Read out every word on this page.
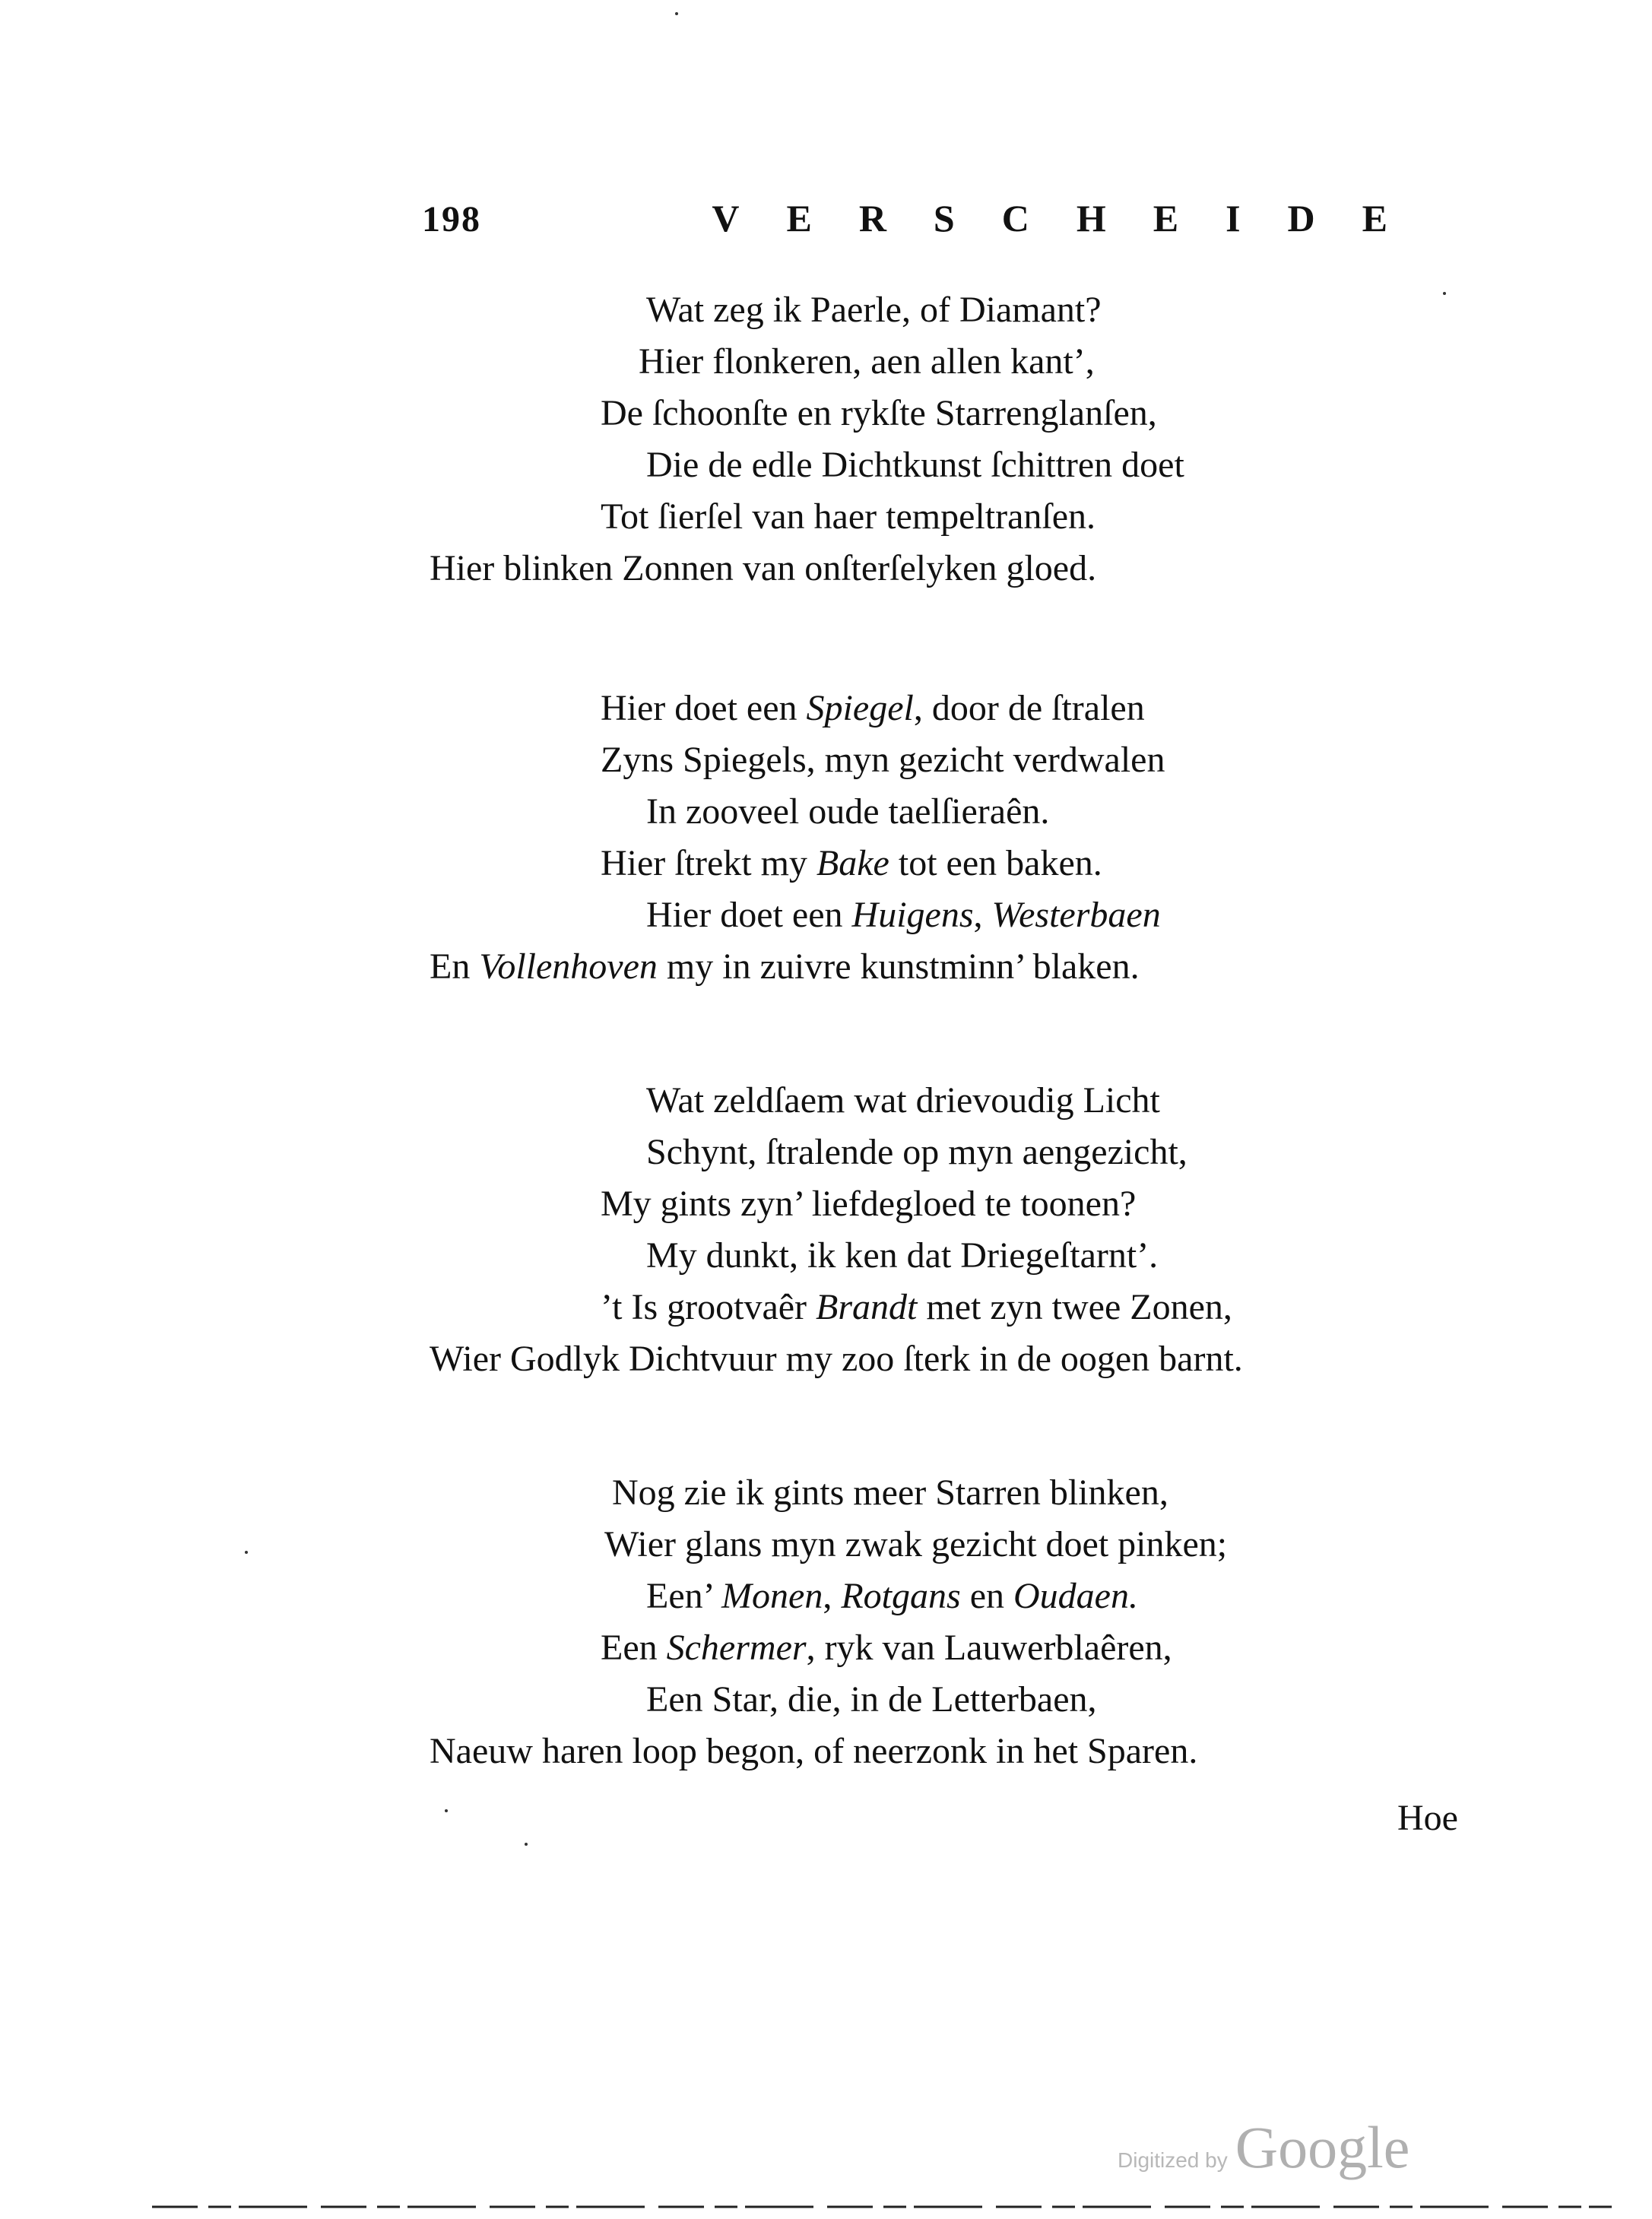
198	VERSCHEIDE
Wat zeg ik Paerle, of Diamant?
Hier flonkeren, aen allen kant’,
De ſchoonſte en rykſte Starrenglanſen,
Die de edle Dichtkunst ſchittren doet
Tot ſierſel van haer tempeltranſen.
Hier blinken Zonnen van onſterſelyken gloed.
Hier doet een Spiegel, door de ſtralen
Zyns Spiegels, myn gezicht verdwalen
In zooveel oude taelſieraên.
Hier ſtrekt my Bake tot een baken.
Hier doet een Huigens, Westerbaen
En Vollenhoven my in zuivre kunstminn’ blaken.
Wat zeldſaem wat drievoudig Licht
Schynt, ſtralende op myn aengezicht,
My gints zyn’ liefdegloed te toonen?
My dunkt, ik ken dat Driegeſtarnt’.
’t Is grootvaêr Brandt met zyn twee Zonen,
Wier Godlyk Dichtvuur my zoo ſterk in de oogen barnt.
Nog zie ik gints meer Starren blinken,
Wier glans myn zwak gezicht doet pinken;
Een’ Monen, Rotgans en Oudaen.
Een Schermer, ryk van Lauwerblaêren,
Een Star, die, in de Letterbaen,
Naeuw haren loop begon, of neerzonk in het Sparen.
Hoe
Digitized by Google
